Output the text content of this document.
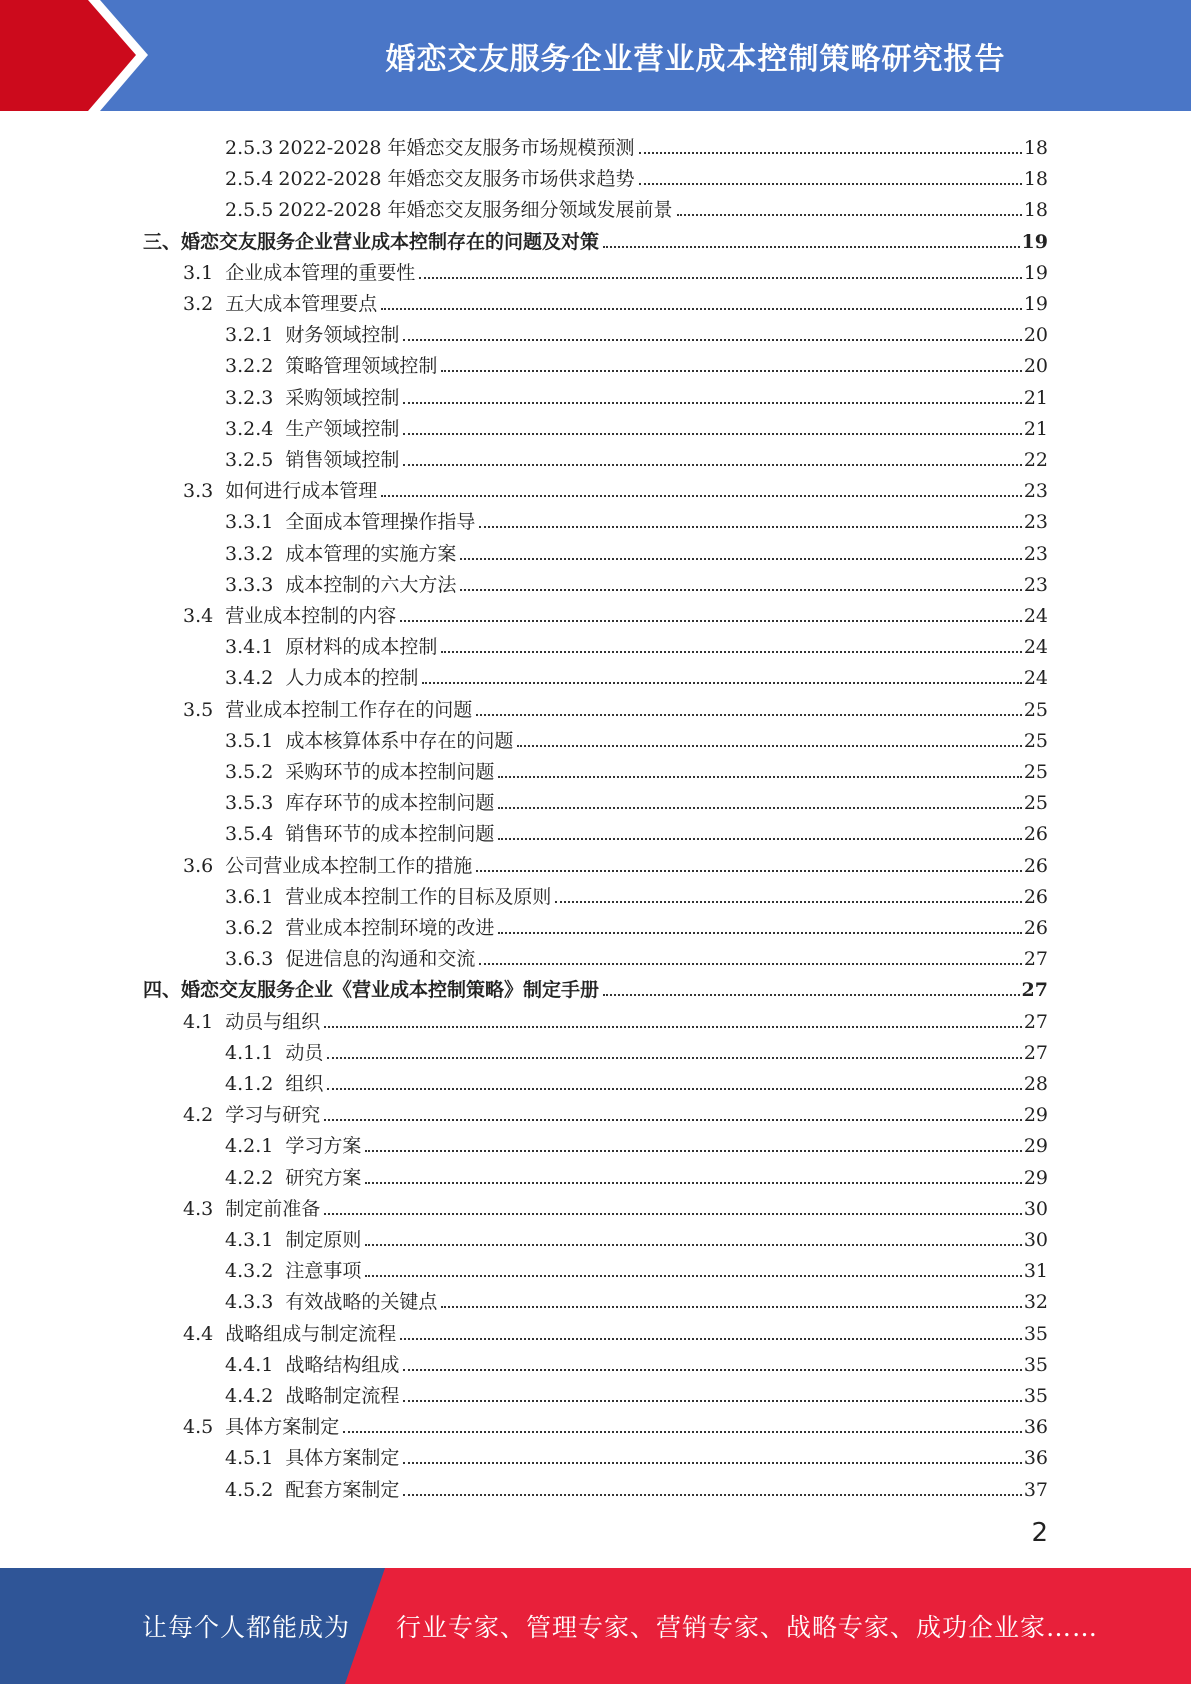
婚恋交友服务企业营业成本控制策略研究报告
2.5.3 2022-2028 年婚恋交友服务市场规模预测	18
2.5.4 2022-2028 年婚恋交友服务市场供求趋势	18
2.5.5 2022-2028 年婚恋交友服务细分领域发展前景	18
三、婚恋交友服务企业营业成本控制存在的问题及对策	19
3.1 企业成本管理的重要性	19
3.2 五大成本管理要点	19
3.2.1 财务领域控制	20
3.2.2 策略管理领域控制	20
3.2.3 采购领域控制	21
3.2.4 生产领域控制	21
3.2.5 销售领域控制	22
3.3 如何进行成本管理	23
3.3.1 全面成本管理操作指导	23
3.3.2 成本管理的实施方案	23
3.3.3 成本控制的六大方法	23
3.4 营业成本控制的内容	24
3.4.1 原材料的成本控制	24
3.4.2 人力成本的控制	24
3.5 营业成本控制工作存在的问题	25
3.5.1 成本核算体系中存在的问题	25
3.5.2 采购环节的成本控制问题	25
3.5.3 库存环节的成本控制问题	25
3.5.4 销售环节的成本控制问题	26
3.6 公司营业成本控制工作的措施	26
3.6.1 营业成本控制工作的目标及原则	26
3.6.2 营业成本控制环境的改进	26
3.6.3 促进信息的沟通和交流	27
四、婚恋交友服务企业《营业成本控制策略》制定手册	27
4.1 动员与组织	27
4.1.1 动员	27
4.1.2 组织	28
4.2 学习与研究	29
4.2.1 学习方案	29
4.2.2 研究方案	29
4.3 制定前准备	30
4.3.1 制定原则	30
4.3.2 注意事项	31
4.3.3 有效战略的关键点	32
4.4 战略组成与制定流程	35
4.4.1 战略结构组成	35
4.4.2 战略制定流程	35
4.5 具体方案制定	36
4.5.1 具体方案制定	36
4.5.2 配套方案制定	37
2
让每个人都能成为 行业专家、管理专家、营销专家、战略专家、成功企业家……
